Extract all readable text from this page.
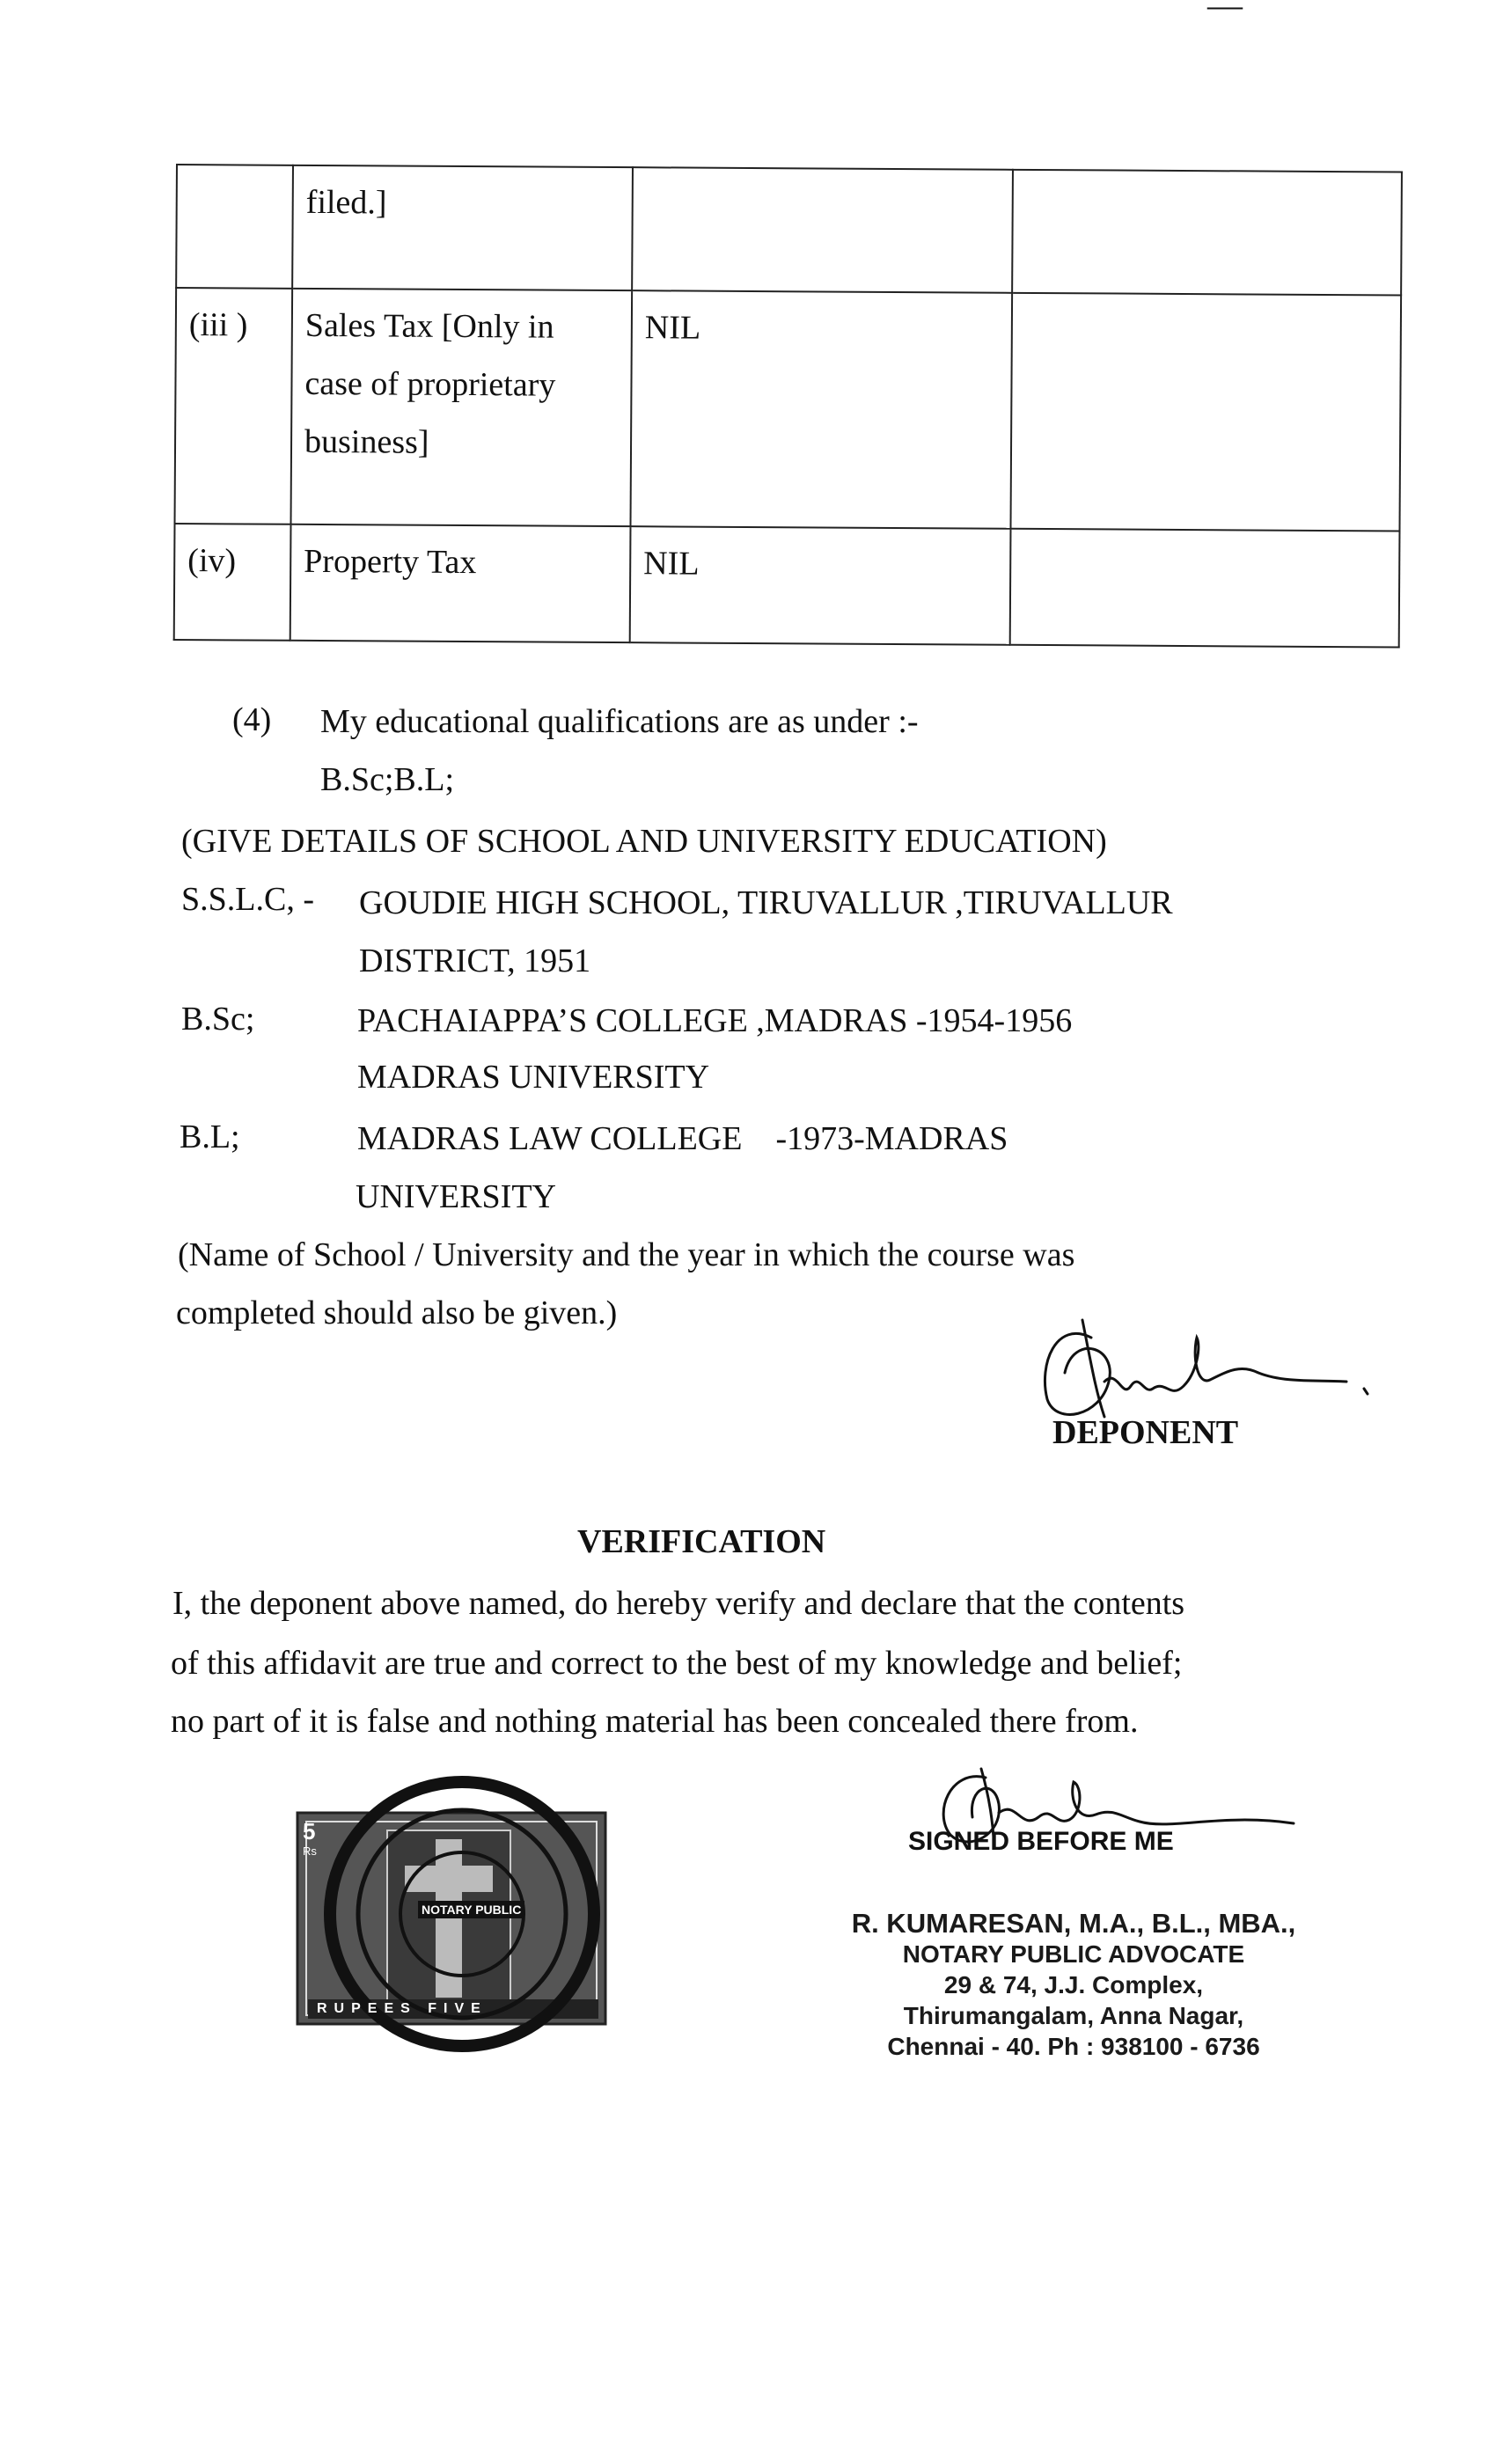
—
	filed.]		
(iii )	Sales Tax [Only in case of proprietary business]	NIL	
(iv)	Property Tax	NIL	
(4) My educational qualifications are as under :-
B.Sc;B.L;
(GIVE DETAILS OF SCHOOL AND UNIVERSITY EDUCATION)
S.S.L.C, - GOUDIE HIGH SCHOOL, TIRUVALLUR ,TIRUVALLUR
DISTRICT, 1951
B.Sc;	PACHAIAPPA’S COLLEGE ,MADRAS -1954-1956
MADRAS UNIVERSITY
B.L;	MADRAS LAW COLLEGE    -1973-MADRAS
UNIVERSITY
(Name of School / University and the year in which the course was
completed should also be given.)
DEPONENT
VERIFICATION
I, the deponent above named, do hereby verify and declare that the contents
of this affidavit are true and correct to the best of my knowledge and belief;
no part of it is false and nothing material has been concealed there from.
5
Rs
RUPEES FIVE
NOTARY PUBLIC
SIGNED BEFORE ME
R. KUMARESAN, M.A., B.L., MBA.,
NOTARY PUBLIC ADVOCATE
29 & 74, J.J. Complex,
Thirumangalam, Anna Nagar,
Chennai - 40. Ph : 938100 - 6736
